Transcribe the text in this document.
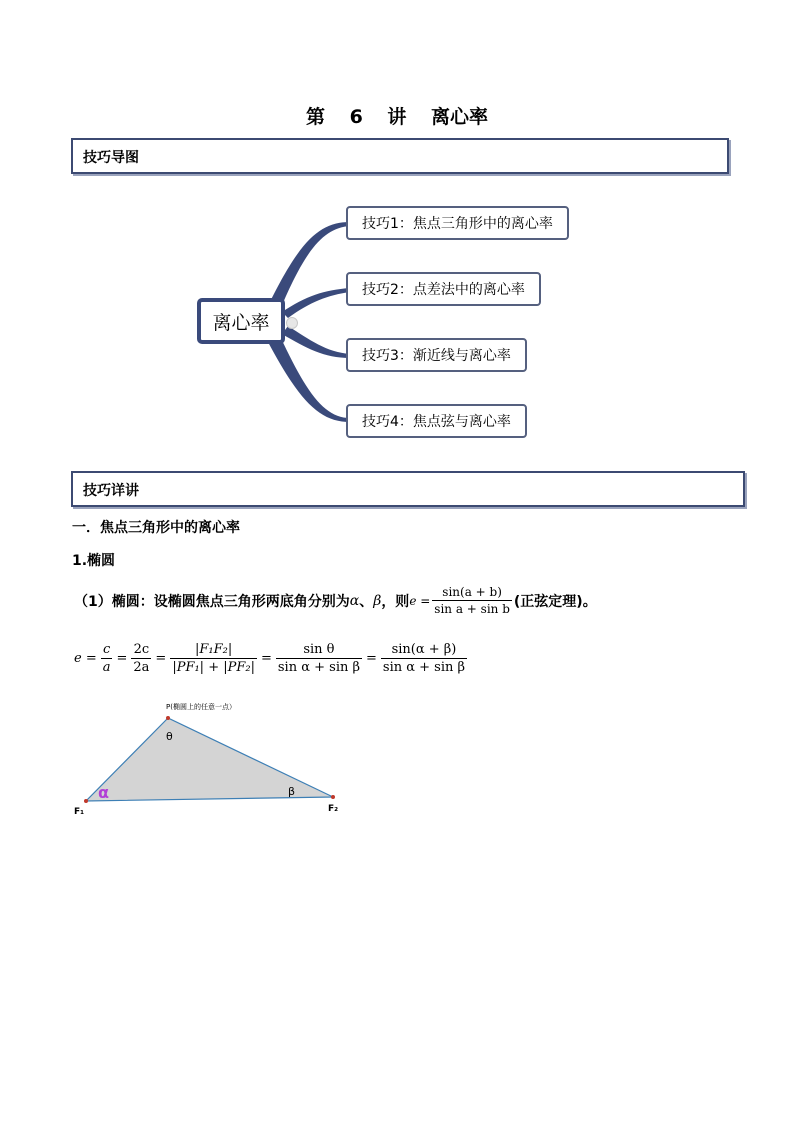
第 6 讲 离心率
技巧导图
离心率
技巧1：焦点三角形中的离心率
技巧2：点差法中的离心率
技巧3：渐近线与离心率
技巧4：焦点弦与离心率
技巧详讲
一．焦点三角形中的离心率
1.椭圆
（1）椭圆：设椭圆焦点三角形两底角分别为 α 、 β ，则 $e = \frac{\sin(a + b)}{\text{sin a + sin b}}$ (正弦定理)。
$e = \frac{c}{a} = \frac{2c}{2a} = \frac{\text{|F₁F₂|}}{\text{|PF₁| + |PF₂|}} = \frac{\text{sin θ}}{\text{sin α + sin β}} = \frac{\sin(\alpha + \beta)}{\text{sin α + sin β}}$
P(椭圆上的任意一点）
θ
α	β
F₁	F₂
